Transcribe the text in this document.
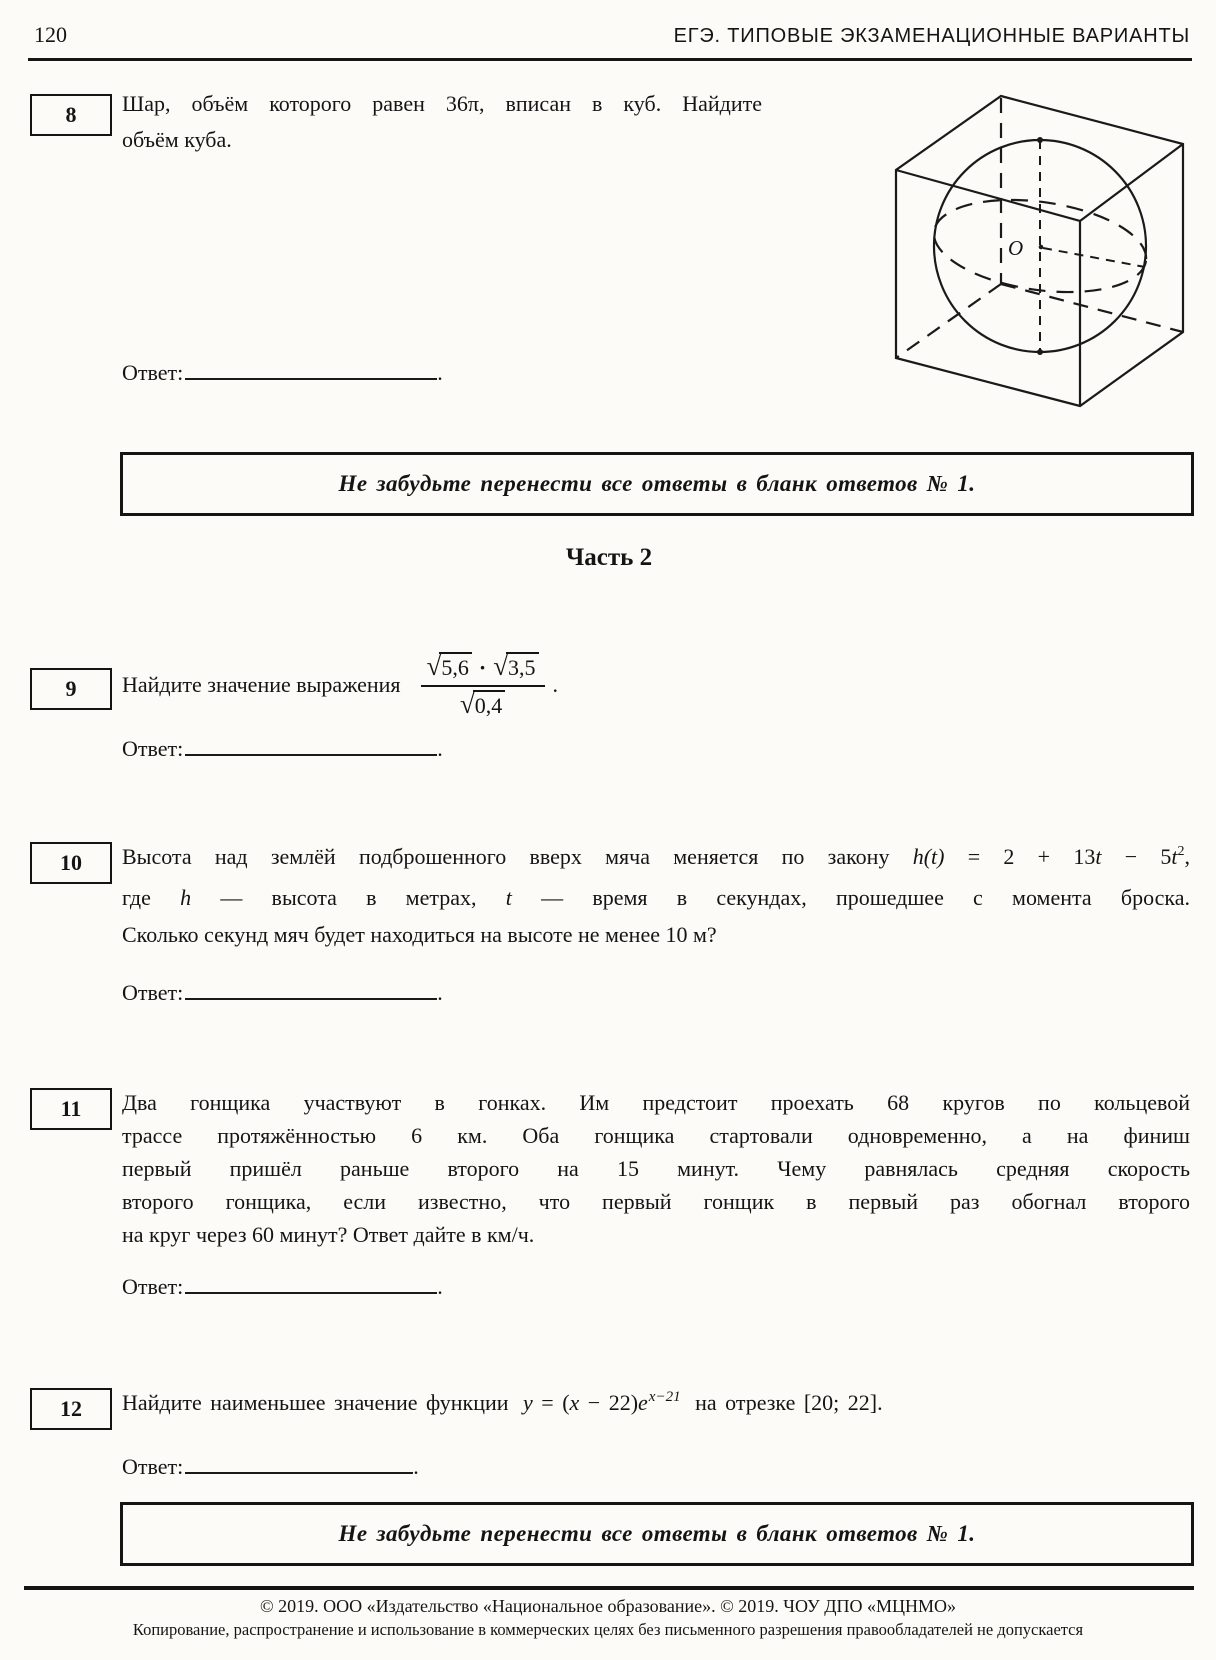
120	ЕГЭ. ТИПОВЫЕ ЭКЗАМЕНАЦИОННЫЕ ВАРИАНТЫ
8 Шар, объём которого равен 36π, вписан в куб. Найдите
объём куба.
O
Ответ:	.
Не забудьте перенести все ответы в бланк ответов № 1.
Часть 2
9 Найдите значение выражения $\frac{√ 5,6 \cdot √ 3,5}{√ 0,4}$ .
Ответ:	.
10 Высота над землёй подброшенного вверх мяча меняется по закону $h(t) = 2 + 13t - 5t^2$,
где h — высота в метрах, t — время в секундах, прошедшее с момента броска.
Сколько секунд мяч будет находиться на высоте не менее 10 м?
Ответ:	.
11 Два гонщика участвуют в гонках. Им предстоит проехать 68 кругов по кольцевой
трассе протяжённостью 6 км. Оба гонщика стартовали одновременно, а на финиш
первый пришёл раньше второго на 15 минут. Чему равнялась средняя скорость
второго гонщика, если известно, что первый гонщик в первый раз обогнал второго
на круг через 60 минут? Ответ дайте в км/ч.
Ответ:	.
12 Найдите наименьшее значение функции $y = (x - 22)e^{x-21}$ на отрезке [20; 22].
Ответ:	.
Не забудьте перенести все ответы в бланк ответов № 1.
© 2019. ООО «Издательство «Национальное образование». © 2019. ЧОУ ДПО «МЦНМО»
Копирование, распространение и использование в коммерческих целях без письменного разрешения правообладателей не допускается
